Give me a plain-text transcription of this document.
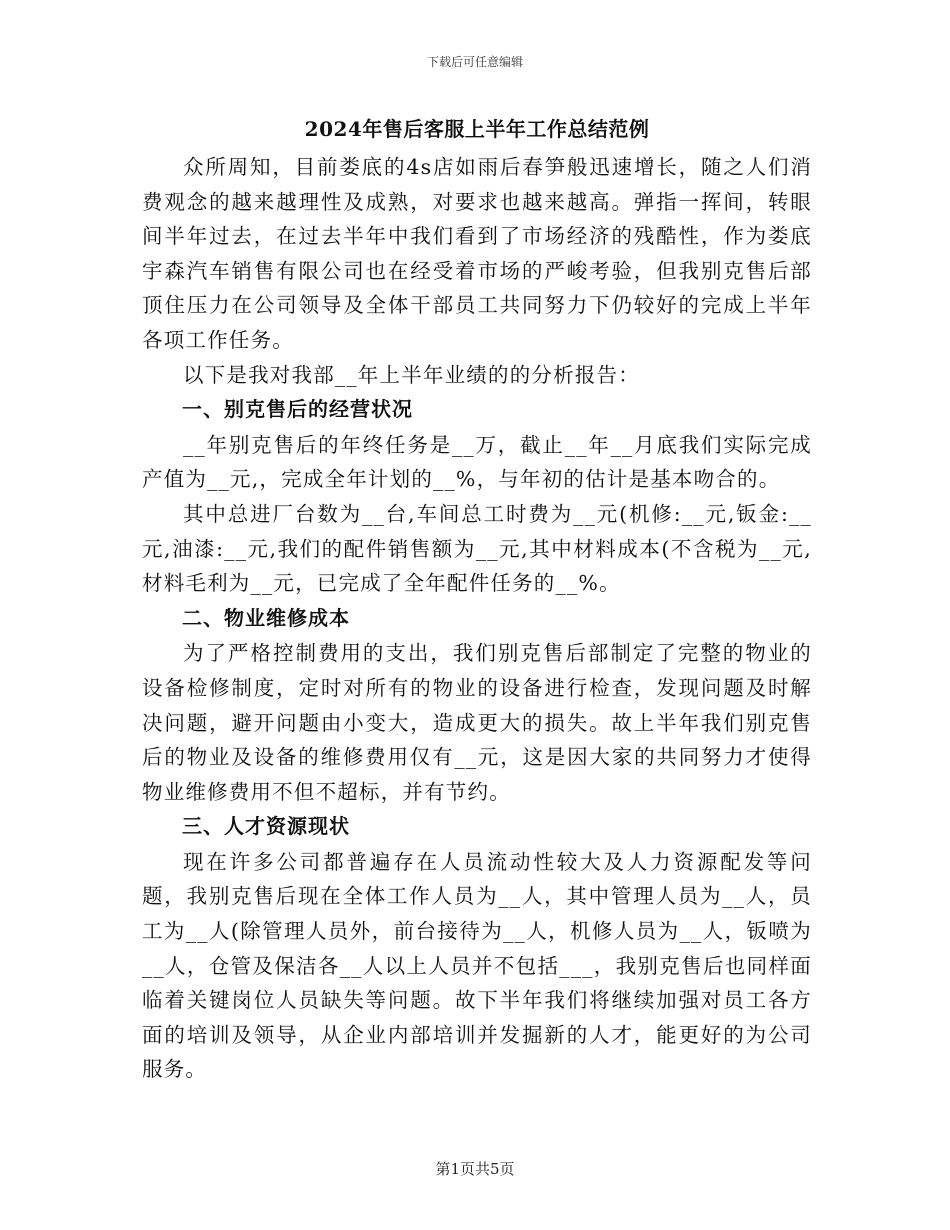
下载后可任意编辑
2024年售后客服上半年工作总结范例

众所周知，目前娄底的4s店如雨后春笋般迅速增长，随之人们消费观念的越来越理性及成熟，对要求也越来越高。弹指一挥间，转眼间半年过去，在过去半年中我们看到了市场经济的残酷性，作为娄底宇森汽车销售有限公司也在经受着市场的严峻考验，但我别克售后部顶住压力在公司领导及全体干部员工共同努力下仍较好的完成上半年各项工作任务。

以下是我对我部__年上半年业绩的的分析报告：

一、别克售后的经营状况

__年别克售后的年终任务是__万，截止__年__月底我们实际完成产值为__元,，完成全年计划的__%，与年初的估计是基本吻合的。

其中总进厂台数为__台,车间总工时费为__元(机修:__元,钣金:__元,油漆:__元,我们的配件销售额为__元,其中材料成本(不含税为__元,材料毛利为__元，已完成了全年配件任务的__%。

二、物业维修成本

为了严格控制费用的支出，我们别克售后部制定了完整的物业的设备检修制度，定时对所有的物业的设备进行检查，发现问题及时解决问题，避开问题由小变大，造成更大的损失。故上半年我们别克售后的物业及设备的维修费用仅有__元，这是因大家的共同努力才使得物业维修费用不但不超标，并有节约。

三、人才资源现状

现在许多公司都普遍存在人员流动性较大及人力资源配发等问题，我别克售后现在全体工作人员为__人，其中管理人员为__人，员工为__人(除管理人员外，前台接待为__人，机修人员为__人，钣喷为__人，仓管及保洁各__人以上人员并不包括___，我别克售后也同样面临着关键岗位人员缺失等问题。故下半年我们将继续加强对员工各方面的培训及领导，从企业内部培训并发掘新的人才，能更好的为公司服务。

第1页共5页
